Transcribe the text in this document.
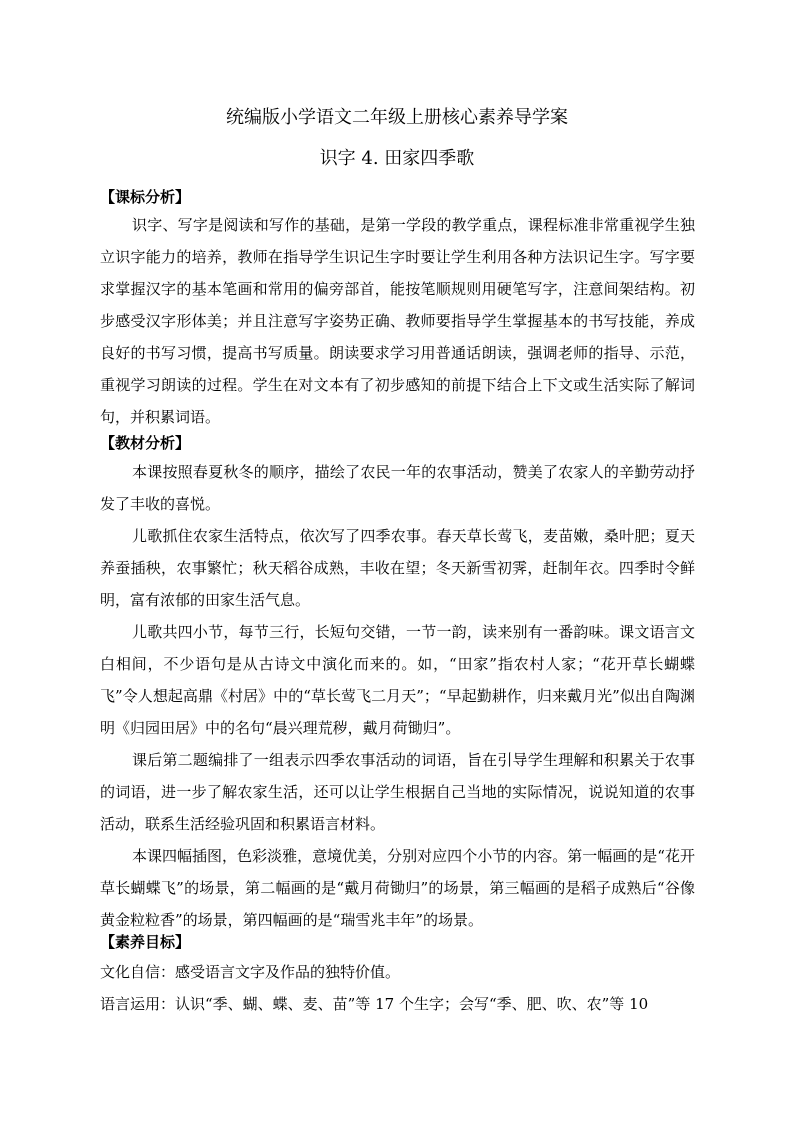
统编版小学语文二年级上册核心素养导学案
识字 4. 田家四季歌
【课标分析】

识字、写字是阅读和写作的基础，是第一学段的教学重点，课程标准非常重视学生独立识字能力的培养，教师在指导学生识记生字时要让学生利用各种方法识记生字。写字要求掌握汉字的基本笔画和常用的偏旁部首，能按笔顺规则用硬笔写字，注意间架结构。初步感受汉字形体美；并且注意写字姿势正确、教师要指导学生掌握基本的书写技能，养成良好的书写习惯，提高书写质量。朗读要求学习用普通话朗读，强调老师的指导、示范，重视学习朗读的过程。学生在对文本有了初步感知的前提下结合上下文或生活实际了解词句，并积累词语。

【教材分析】

本课按照春夏秋冬的顺序，描绘了农民一年的农事活动，赞美了农家人的辛勤劳动抒发了丰收的喜悦。

儿歌抓住农家生活特点，依次写了四季农事。春天草长莺飞，麦苗嫩，桑叶肥；夏天养蚕插秧，农事繁忙；秋天稻谷成熟，丰收在望；冬天新雪初霁，赶制年衣。四季时令鲜明，富有浓郁的田家生活气息。

儿歌共四小节，每节三行，长短句交错，一节一韵，读来别有一番韵味。课文语言文白相间，不少语句是从古诗文中演化而来的。如，“田家”指农村人家；“花开草长蝴蝶飞”令人想起高鼎《村居》中的“草长莺飞二月天”；“早起勤耕作，归来戴月光”似出自陶渊明《归园田居》中的名句“晨兴理荒秽，戴月荷锄归”。

课后第二题编排了一组表示四季农事活动的词语，旨在引导学生理解和积累关于农事的词语，进一步了解农家生活，还可以让学生根据自己当地的实际情况，说说知道的农事活动，联系生活经验巩固和积累语言材料。

本课四幅插图，色彩淡雅，意境优美，分别对应四个小节的内容。第一幅画的是“花开草长蝴蝶飞”的场景，第二幅画的是“戴月荷锄归”的场景，第三幅画的是稻子成熟后“谷像黄金粒粒香”的场景，第四幅画的是“瑞雪兆丰年”的场景。

【素养目标】

文化自信：感受语言文字及作品的独特价值。

语言运用：认识“季、蝴、蝶、麦、苗”等 17 个生字；会写“季、肥、吹、农”等 10
